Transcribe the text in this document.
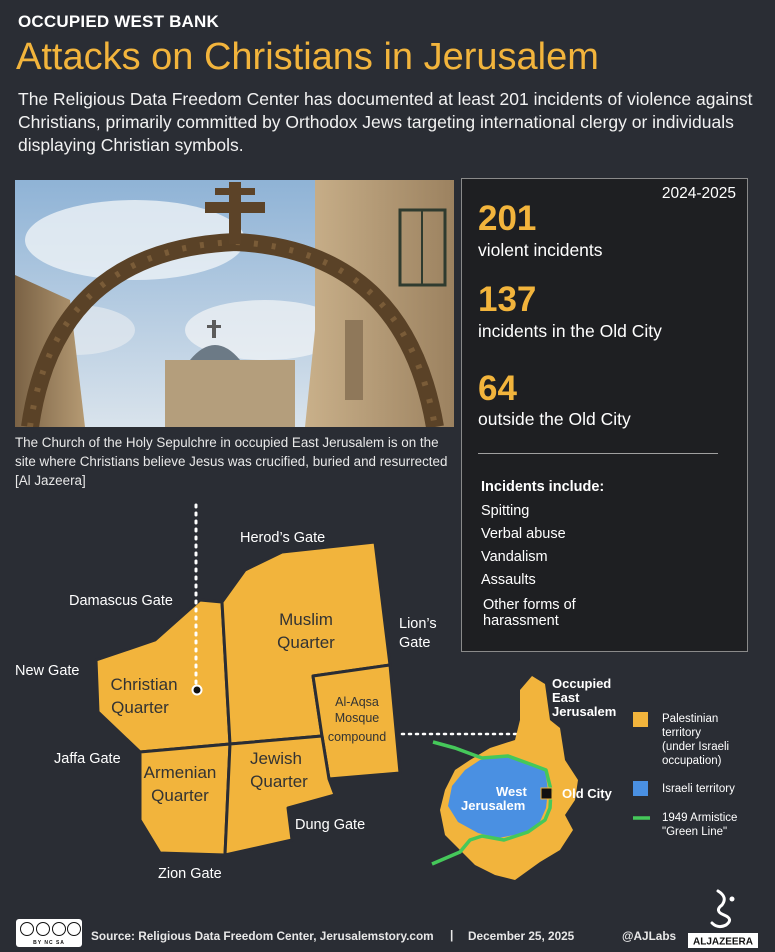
OCCUPIED WEST BANK
Attacks on Christians in Jerusalem
The Religious Data Freedom Center has documented at least 201 incidents of violence against Christians, primarily committed by Orthodox Jews targeting international clergy or individuals displaying Christian symbols.
The Church of the Holy Sepulchre in occupied East Jerusalem is on the site where Christians believe Jesus was crucified, buried and resurrected [Al Jazeera]
2024-2025
201
violent incidents
137
incidents in the Old City
64
outside the Old City
Incidents include:
Spitting
Verbal abuse
Vandalism
Assaults
Other forms of harassment
Herod’s Gate
Damascus Gate
New Gate
Jaffa Gate
Zion Gate
Dung Gate
Lion’s
Gate
Muslim
Quarter
Christian
Quarter
Armenian
Quarter
Jewish
Quarter
Al-Aqsa
Mosque
compound
Occupied
East
Jerusalem
Old City
West
Jerusalem
Palestinian
territory
(under Israeli
occupation)
Israeli territory
1949 Armistice
"Green Line"
BY NC SA	Source: Religious Data Freedom Center, Jerusalemstory.com | December 25, 2025	@AJLabs ALJAZEERA
